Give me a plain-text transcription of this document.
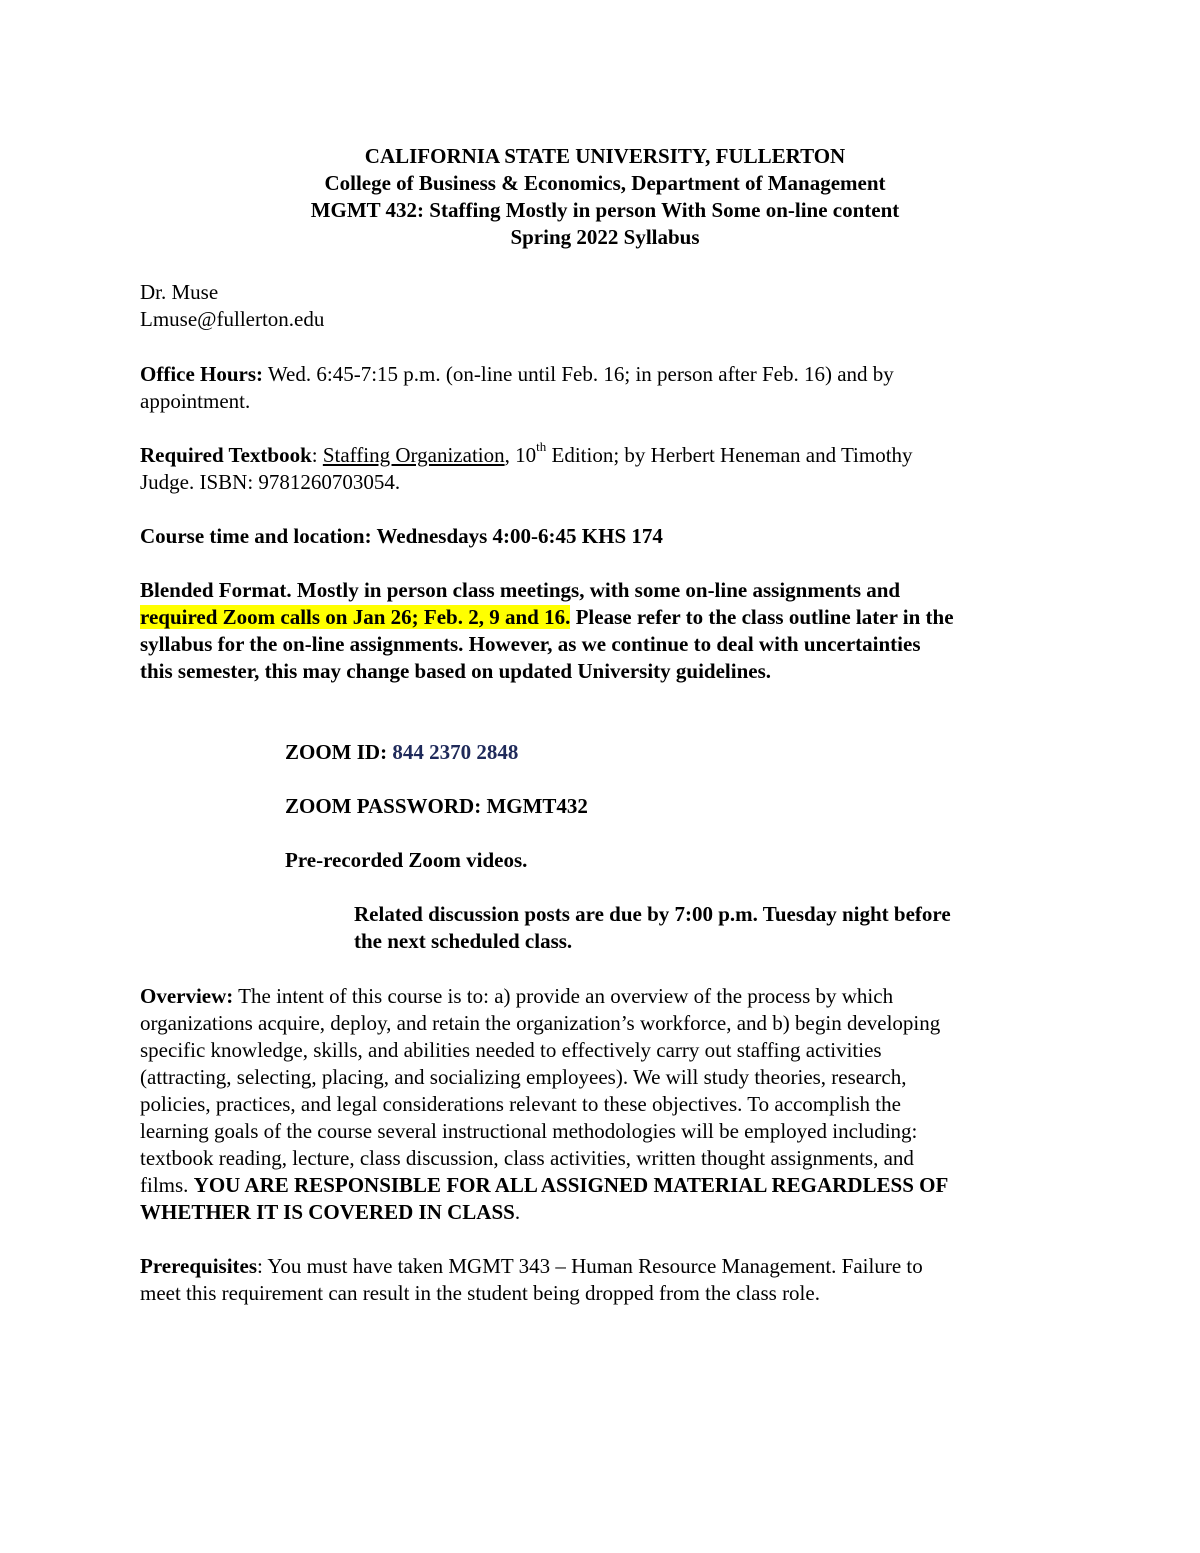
CALIFORNIA STATE UNIVERSITY, FULLERTON
College of Business & Economics, Department of Management
MGMT 432: Staffing Mostly in person With Some on-line content
Spring 2022 Syllabus
Dr. Muse
Lmuse@fullerton.edu
Office Hours: Wed. 6:45-7:15 p.m. (on-line until Feb. 16; in person after Feb. 16) and by
appointment.
Required Textbook: Staffing Organization, 10th Edition; by Herbert Heneman and Timothy
Judge. ISBN: 9781260703054.
Course time and location: Wednesdays 4:00-6:45 KHS 174
Blended Format. Mostly in person class meetings, with some on-line assignments and
required Zoom calls on Jan 26; Feb. 2, 9 and 16. Please refer to the class outline later in the
syllabus for the on-line assignments. However, as we continue to deal with uncertainties
this semester, this may change based on updated University guidelines.
ZOOM ID: 844 2370 2848
ZOOM PASSWORD: MGMT432
Pre-recorded Zoom videos.
Related discussion posts are due by 7:00 p.m. Tuesday night before
the next scheduled class.
Overview: The intent of this course is to: a) provide an overview of the process by which
organizations acquire, deploy, and retain the organization’s workforce, and b) begin developing
specific knowledge, skills, and abilities needed to effectively carry out staffing activities
(attracting, selecting, placing, and socializing employees). We will study theories, research,
policies, practices, and legal considerations relevant to these objectives. To accomplish the
learning goals of the course several instructional methodologies will be employed including:
textbook reading, lecture, class discussion, class activities, written thought assignments, and
films. YOU ARE RESPONSIBLE FOR ALL ASSIGNED MATERIAL REGARDLESS OF
WHETHER IT IS COVERED IN CLASS.
Prerequisites: You must have taken MGMT 343 – Human Resource Management. Failure to
meet this requirement can result in the student being dropped from the class role.
